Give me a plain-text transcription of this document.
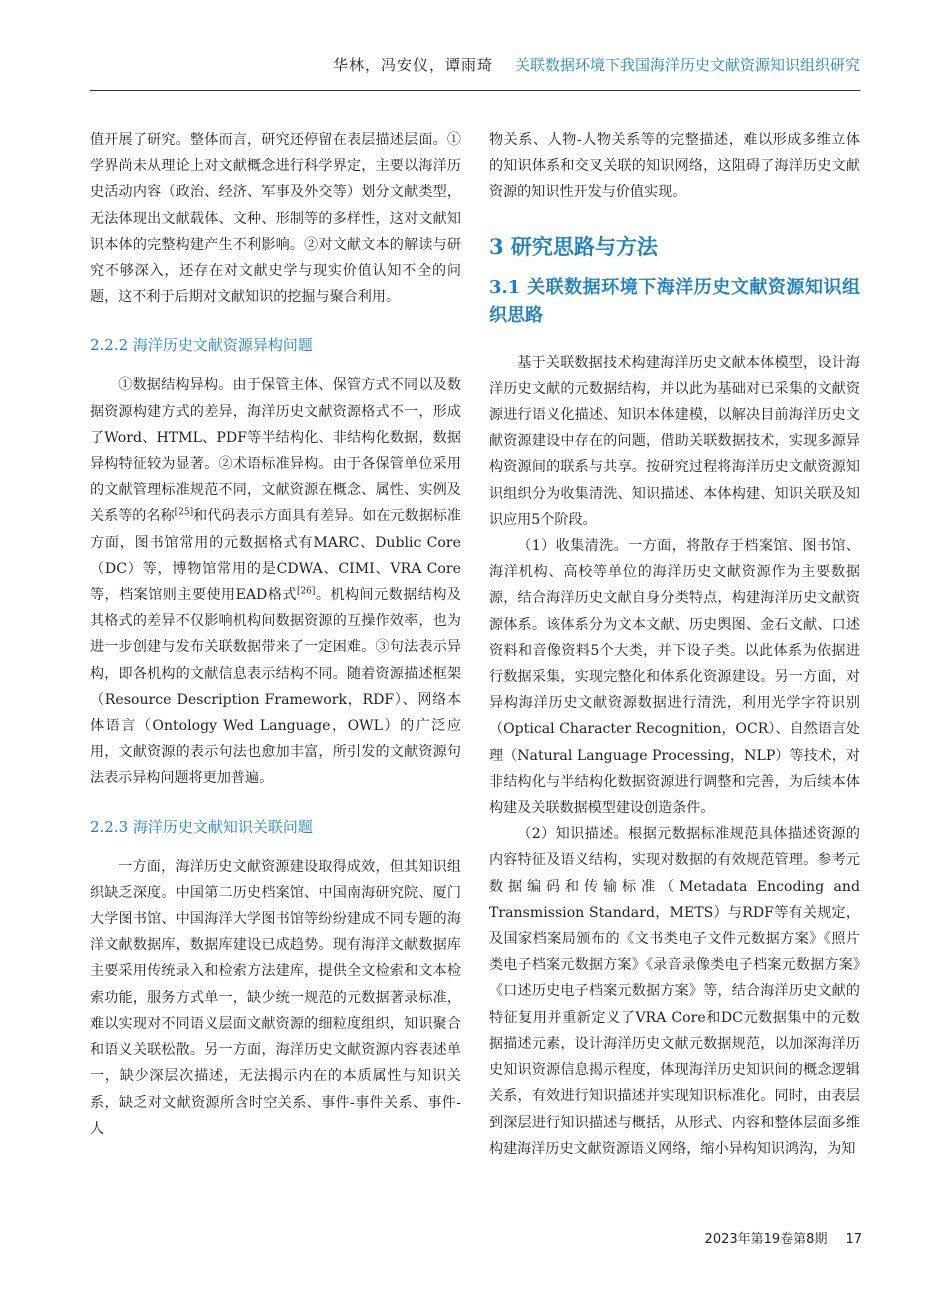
华林，冯安仪，谭雨琦 关联数据环境下我国海洋历史文献资源知识组织研究

值开展了研究。整体而言，研究还停留在表层描述层面。①学界尚未从理论上对文献概念进行科学界定，主要以海洋历史活动内容（政治、经济、军事及外交等）划分文献类型，无法体现出文献载体、文种、形制等的多样性，这对文献知识本体的完整构建产生不利影响。②对文献文本的解读与研究不够深入，还存在对文献史学与现实价值认知不全的问题，这不利于后期对文献知识的挖掘与聚合利用。

2.2.2 海洋历史文献资源异构问题

①数据结构异构。由于保管主体、保管方式不同以及数据资源构建方式的差异，海洋历史文献资源格式不一，形成了Word、HTML、PDF等半结构化、非结构化数据，数据异构特征较为显著。②术语标准异构。由于各保管单位采用的文献管理标准规范不同，文献资源在概念、属性、实例及关系等的名称[25]和代码表示方面具有差异。如在元数据标准方面，图书馆常用的元数据格式有MARC、Dublic Core（DC）等，博物馆常用的是CDWA、CIMI、VRA Core等，档案馆则主要使用EAD格式[26]。机构间元数据结构及其格式的差异不仅影响机构间数据资源的互操作效率，也为进一步创建与发布关联数据带来了一定困难。③句法表示异构，即各机构的文献信息表示结构不同。随着资源描述框架（Resource Description Framework，RDF）、网络本体语言（Ontology Wed Language，OWL）的广泛应用，文献资源的表示句法也愈加丰富，所引发的文献资源句法表示异构问题将更加普遍。

2.2.3 海洋历史文献知识关联问题

一方面，海洋历史文献资源建设取得成效，但其知识组织缺乏深度。中国第二历史档案馆、中国南海研究院、厦门大学图书馆、中国海洋大学图书馆等纷纷建成不同专题的海洋文献数据库，数据库建设已成趋势。现有海洋文献数据库主要采用传统录入和检索方法建库，提供全文检索和文本检索功能，服务方式单一，缺少统一规范的元数据著录标准，难以实现对不同语义层面文献资源的细粒度组织，知识聚合和语义关联松散。另一方面，海洋历史文献资源内容表述单一，缺少深层次描述，无法揭示内在的本质属性与知识关系，缺乏对文献资源所含时空关系、事件-事件关系、事件-人

物关系、人物-人物关系等的完整描述，难以形成多维立体的知识体系和交叉关联的知识网络，这阻碍了海洋历史文献资源的知识性开发与价值实现。

3 研究思路与方法

3.1 关联数据环境下海洋历史文献资源知识组织思路

基于关联数据技术构建海洋历史文献本体模型，设计海洋历史文献的元数据结构，并以此为基础对已采集的文献资源进行语义化描述、知识本体建模，以解决目前海洋历史文献资源建设中存在的问题，借助关联数据技术，实现多源异构资源间的联系与共享。按研究过程将海洋历史文献资源知识组织分为收集清洗、知识描述、本体构建、知识关联及知识应用5个阶段。

（1）收集清洗。一方面，将散存于档案馆、图书馆、海洋机构、高校等单位的海洋历史文献资源作为主要数据源，结合海洋历史文献自身分类特点，构建海洋历史文献资源体系。该体系分为文本文献、历史舆图、金石文献、口述资料和音像资料5个大类，并下设子类。以此体系为依据进行数据采集，实现完整化和体系化资源建设。另一方面，对异构海洋历史文献资源数据进行清洗，利用光学字符识别（Optical Character Recognition，OCR）、自然语言处理（Natural Language Processing，NLP）等技术，对非结构化与半结构化数据资源进行调整和完善，为后续本体构建及关联数据模型建设创造条件。

（2）知识描述。根据元数据标准规范具体描述资源的内容特征及语义结构，实现对数据的有效规范管理。参考元数据编码和传输标准（Metadata Encoding and Transmission Standard，METS）与RDF等有关规定，及国家档案局颁布的《文书类电子文件元数据方案》《照片类电子档案元数据方案》《录音录像类电子档案元数据方案》《口述历史电子档案元数据方案》等，结合海洋历史文献的特征复用并重新定义了VRA Core和DC元数据集中的元数据描述元素，设计海洋历史文献元数据规范，以加深海洋历史知识资源信息揭示程度，体现海洋历史知识间的概念逻辑关系，有效进行知识描述并实现知识标准化。同时，由表层到深层进行知识描述与概括，从形式、内容和整体层面多维构建海洋历史文献资源语义网络，缩小异构知识鸿沟，为知

2023年第19卷第8期 17
